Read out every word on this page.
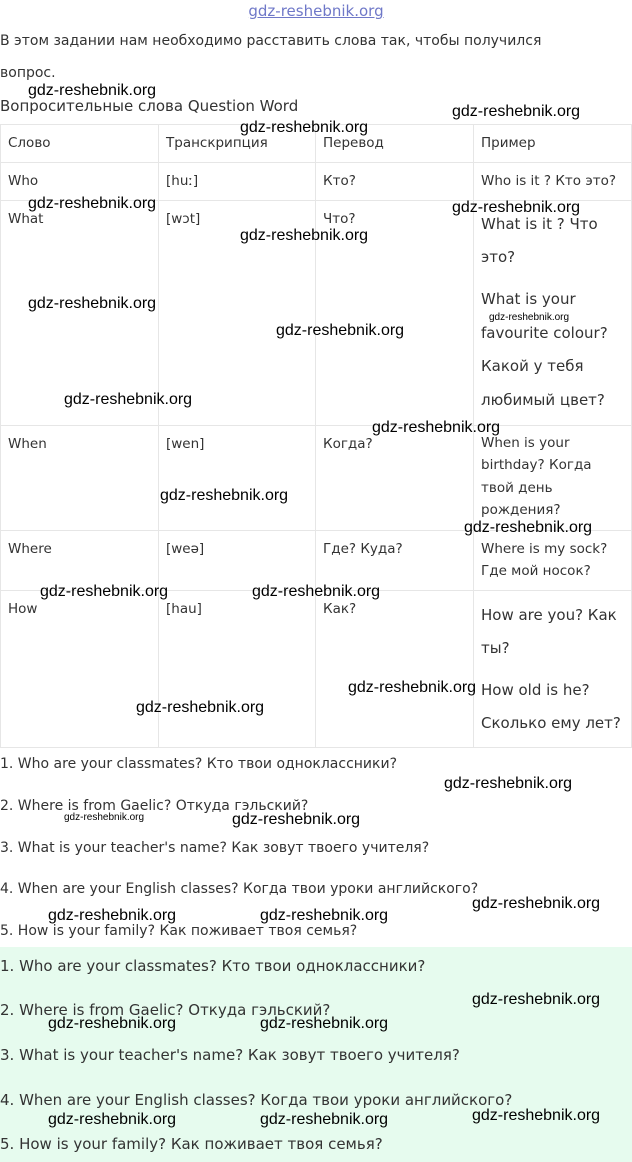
gdz-reshebnik.org
В этом задании нам необходимо расставить слова так, чтобы получился
вопрос.
Вопросительные слова Question Word
Слово	Транскрипция	Перевод	Пример
Who	[huː]	Кто?	Who is it ? Кто это?
What	[wɔt]	Что?	What is it ? Что
это?
What is your
favourite colour?
Какой у тебя
любимый цвет?
When	[wen]	Когда?	When is your
birthday? Когда
твой день
рождения?
Where	[weə]	Где? Куда?	Where is my sock?
Где мой носок?
How	[hau]	Как?	How are you? Как
ты?
How old is he?
Сколько ему лет?
1. Who are your classmates? Кто твои одноклассники?
2. Where is from Gaelic? Откуда гэльский?
3. What is your teacher's name? Как зовут твоего учителя?
4. When are your English classes? Когда твои уроки английского?
5. How is your family? Как поживает твоя семья?
1. Who are your classmates? Кто твои одноклассники?
2. Where is from Gaelic? Откуда гэльский?
3. What is your teacher's name? Как зовут твоего учителя?
4. When are your English classes? Когда твои уроки английского?
5. How is your family? Как поживает твоя семья?
gdz-reshebnik.org
gdz-reshebnik.org
gdz-reshebnik.org
gdz-reshebnik.org	gdz-reshebnik.org
gdz-reshebnik.org
gdz-reshebnik.org
gdz-reshebnik.org
gdz-reshebnik.org
gdz-reshebnik.org
gdz-reshebnik.org
gdz-reshebnik.org
gdz-reshebnik.org
gdz-reshebnik.org	gdz-reshebnik.org
gdz-reshebnik.org
gdz-reshebnik.org
gdz-reshebnik.org
gdz-reshebnik.org	gdz-reshebnik.org
gdz-reshebnik.org
gdz-reshebnik.org	gdz-reshebnik.org
gdz-reshebnik.org
gdz-reshebnik.org	gdz-reshebnik.org
gdz-reshebnik.org
gdz-reshebnik.org	gdz-reshebnik.org
